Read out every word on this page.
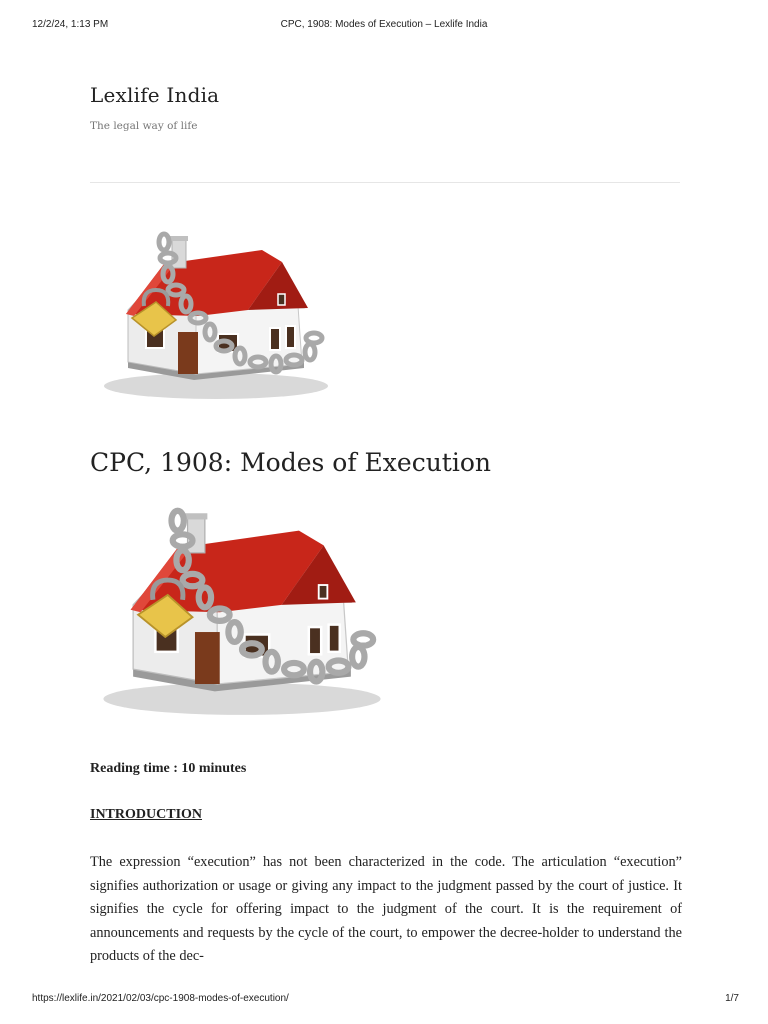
12/2/24, 1:13 PM	CPC, 1908: Modes of Execution – Lexlife India
Lexlife India
The legal way of life
CPC, 1908: Modes of Execution
Reading time : 10 minutes
INTRODUCTION
The expression “execution” has not been characterized in the code. The articulation “execution” signifies authorization or usage or giving any impact to the judgment passed by the court of justice. It signifies the cycle for offering impact to the judgment of the court. It is the requirement of announcements and requests by the cycle of the court, to empower the decree-holder to understand the products of the dec-
https://lexlife.in/2021/02/03/cpc-1908-modes-of-execution/	1/7
